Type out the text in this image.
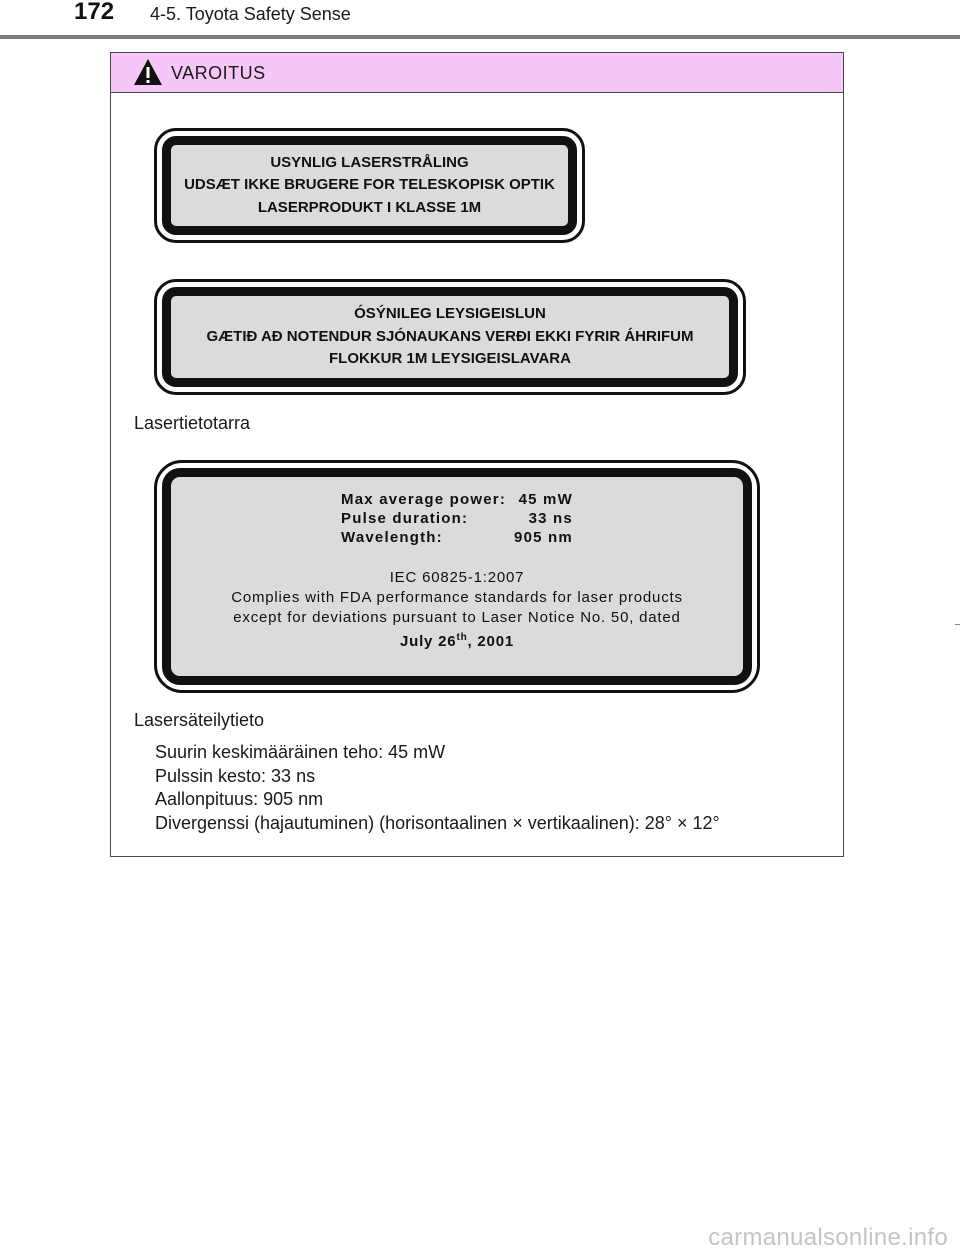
172 4-5. Toyota Safety Sense
VAROITUS
USYNLIG LASERSTRÅLING
UDSÆT IKKE BRUGERE FOR TELESKOPISK OPTIK
LASERPRODUKT I KLASSE 1M
ÓSÝNILEG LEYSIGEISLUN
GÆTIÐ AÐ NOTENDUR SJÓNAUKANS VERÐI EKKI FYRIR ÁHRIFUM
FLOKKUR 1M LEYSIGEISLAVARA
Lasertietotarra
Max average power: 45 mW
Pulse duration:	33 ns
Wavelength:	905 nm
IEC 60825-1:2007
Complies with FDA performance standards for laser products
except for deviations pursuant to Laser Notice No. 50, dated
July 26th, 2001
Lasersäteilytieto
Suurin keskimääräinen teho: 45 mW
Pulssin kesto: 33 ns
Aallonpituus: 905 nm
Divergenssi (hajautuminen) (horisontaalinen × vertikaalinen): 28° × 12°
carmanualsonline.info
